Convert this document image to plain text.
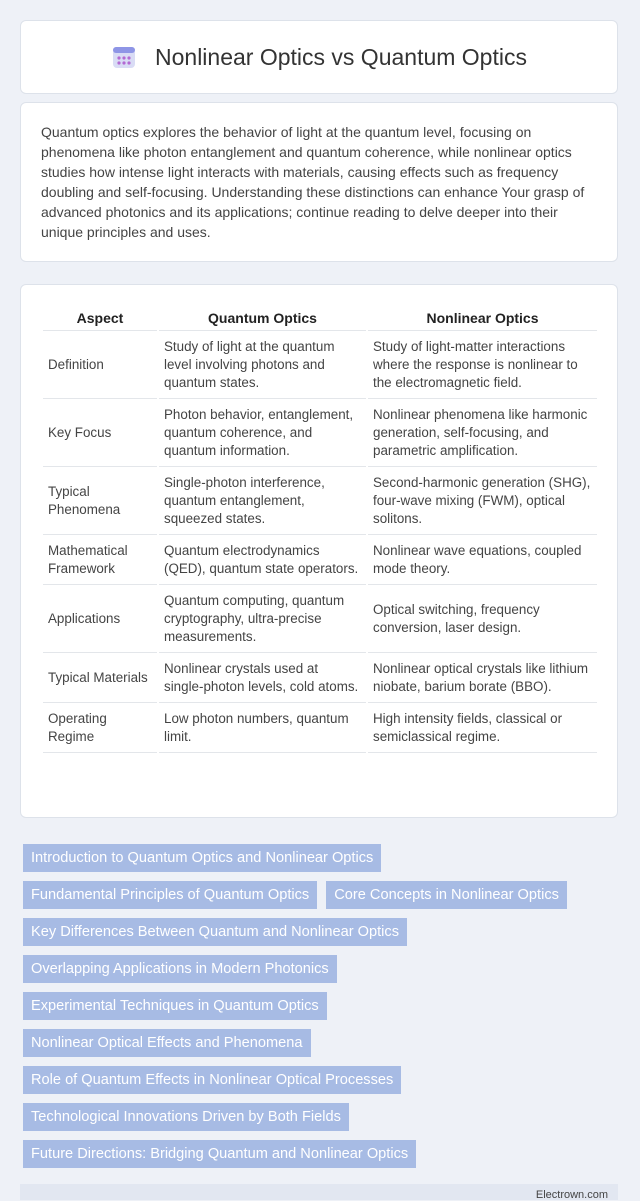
Nonlinear Optics vs Quantum Optics

Quantum optics explores the behavior of light at the quantum level, focusing on phenomena like photon entanglement and quantum coherence, while nonlinear optics studies how intense light interacts with materials, causing effects such as frequency doubling and self-focusing. Understanding these distinctions can enhance Your grasp of advanced photonics and its applications; continue reading to delve deeper into their unique principles and uses.

Aspect	Quantum Optics	Nonlinear Optics
Definition	Study of light at the quantum level involving photons and quantum states.	Study of light-matter interactions where the response is nonlinear to the electromagnetic field.
Key Focus	Photon behavior, entanglement, quantum coherence, and quantum information.	Nonlinear phenomena like harmonic generation, self-focusing, and parametric amplification.
Typical Phenomena	Single-photon interference, quantum entanglement, squeezed states.	Second-harmonic generation (SHG), four-wave mixing (FWM), optical solitons.
Mathematical Framework	Quantum electrodynamics (QED), quantum state operators.	Nonlinear wave equations, coupled mode theory.
Applications	Quantum computing, quantum cryptography, ultra-precise measurements.	Optical switching, frequency conversion, laser design.
Typical Materials	Nonlinear crystals used at single-photon levels, cold atoms.	Nonlinear optical crystals like lithium niobate, barium borate (BBO).
Operating Regime	Low photon numbers, quantum limit.	High intensity fields, classical or semiclassical regime.
Introduction to Quantum Optics and Nonlinear Optics
Fundamental Principles of Quantum Optics	Core Concepts in Nonlinear Optics
Key Differences Between Quantum and Nonlinear Optics
Overlapping Applications in Modern Photonics
Experimental Techniques in Quantum Optics
Nonlinear Optical Effects and Phenomena
Role of Quantum Effects in Nonlinear Optical Processes
Technological Innovations Driven by Both Fields
Future Directions: Bridging Quantum and Nonlinear Optics
Electrown.com
